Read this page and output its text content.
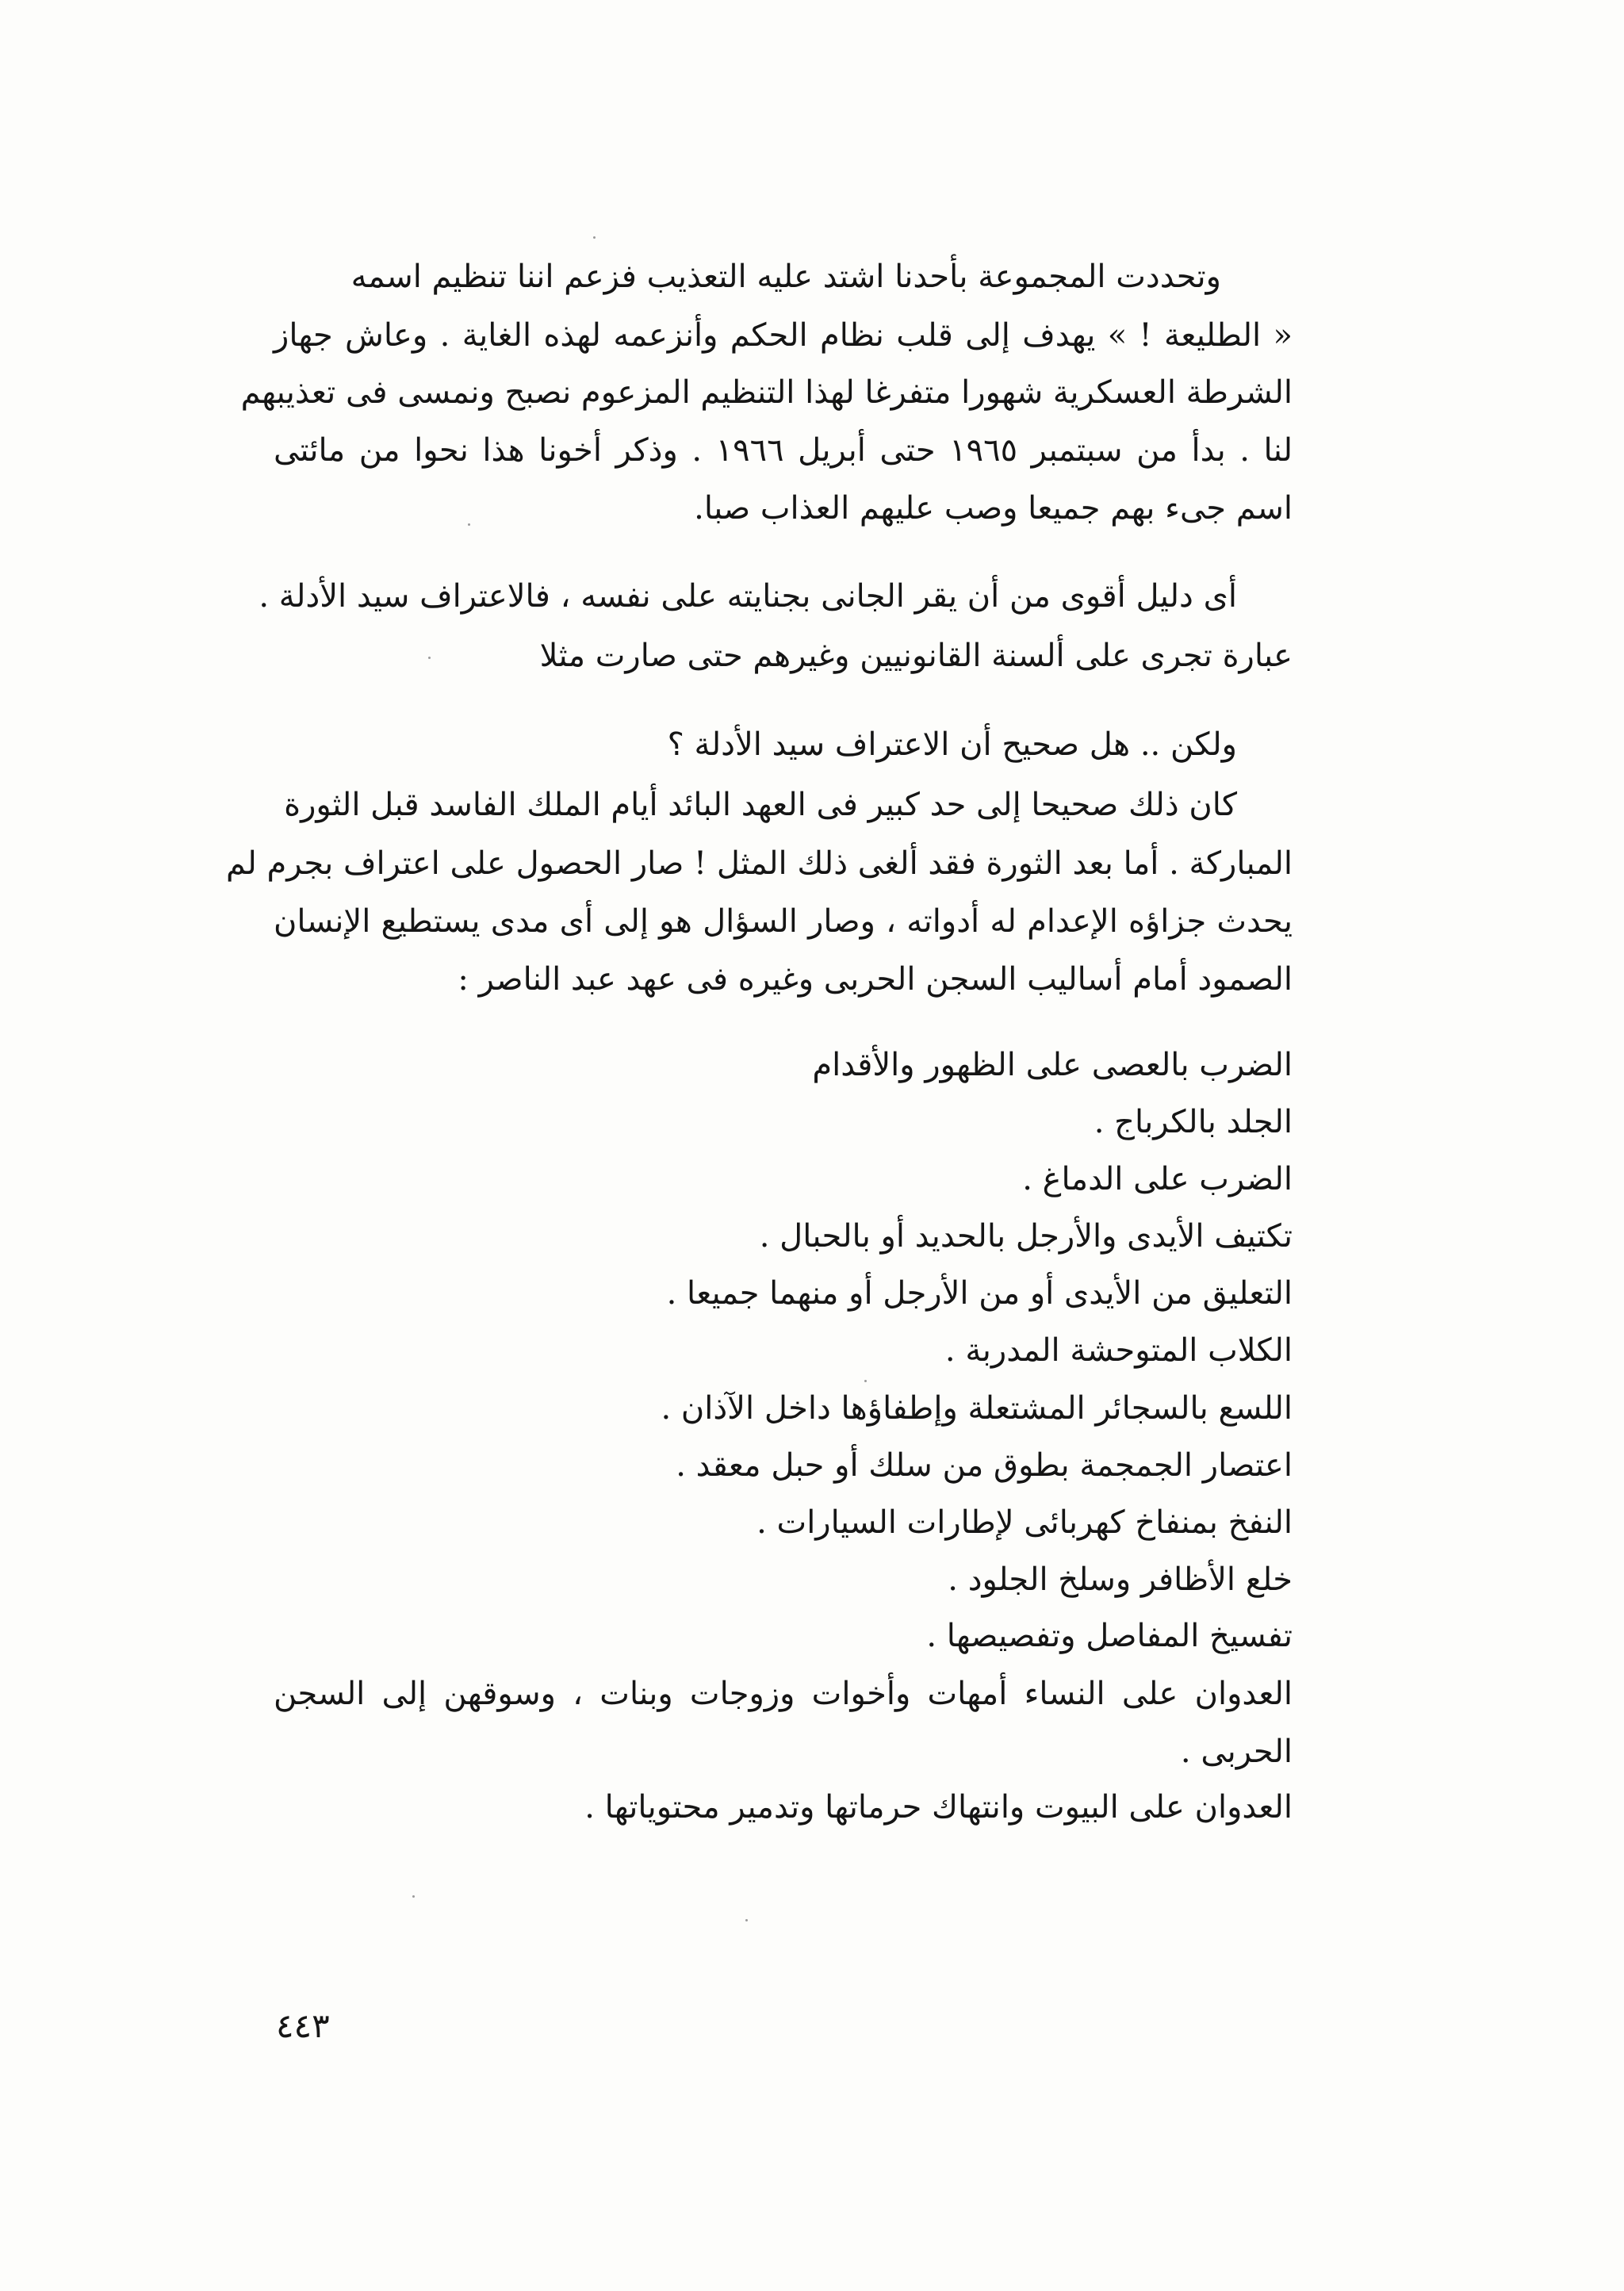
وتحددت المجموعة بأحدنا اشتد عليه التعذيب فزعم اننا تنظيم اسمه
« الطليعة ! » يهدف إلى قلب نظام الحكم وأنزعمه لهذه الغاية . وعاش جهاز
الشرطة العسكرية شهورا متفرغا لهذا التنظيم المزعوم نصبح ونمسى فى تعذيبهم
لنا . بدأ من سبتمبر ١٩٦٥ حتى أبريل ١٩٦٦ . وذكر أخونا هذا نحوا من مائتى
اسم جىء بهم جميعا وصب عليهم العذاب صبا.
أى دليل أقوى من أن يقر الجانى بجنايته على نفسه ، فالاعتراف سيد الأدلة .
عبارة تجرى على ألسنة القانونيين وغيرهم حتى صارت مثلا
ولكن .. هل صحيح أن الاعتراف سيد الأدلة ؟
كان ذلك صحيحا إلى حد كبير فى العهد البائد أيام الملك الفاسد قبل الثورة
المباركة . أما بعد الثورة فقد ألغى ذلك المثل ! صار الحصول على اعتراف بجرم لم
يحدث جزاؤه الإعدام له أدواته ، وصار السؤال هو إلى أى مدى يستطيع الإنسان
الصمود أمام أساليب السجن الحربى وغيره فى عهد عبد الناصر :
الضرب بالعصى على الظهور والأقدام
الجلد بالكرباج .
الضرب على الدماغ .
تكتيف الأيدى والأرجل بالحديد أو بالحبال .
التعليق من الأيدى أو من الأرجل أو منهما جميعا .
الكلاب المتوحشة المدربة .
اللسع بالسجائر المشتعلة وإطفاؤها داخل الآذان .
اعتصار الجمجمة بطوق من سلك أو حبل معقد .
النفخ بمنفاخ كهربائى لإطارات السيارات .
خلع الأظافر وسلخ الجلود .
تفسيخ المفاصل وتفصيصها .
العدوان على النساء أمهات وأخوات وزوجات وبنات ، وسوقهن إلى السجن
الحربى .
العدوان على البيوت وانتهاك حرماتها وتدمير محتوياتها .
٤٤٣
